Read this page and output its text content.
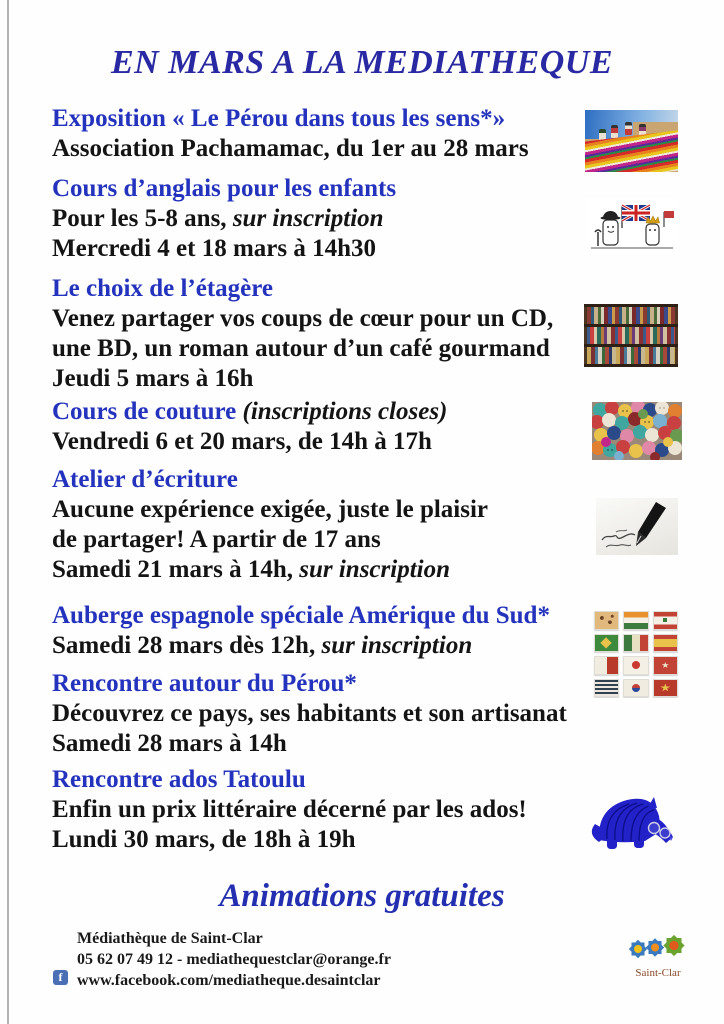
EN MARS A LA MEDIATHEQUE
Exposition « Le Pérou dans tous les sens*»
Association Pachamamac, du 1er au 28 mars
Cours d’anglais pour les enfants
Pour les 5-8 ans, sur inscription
Mercredi 4 et 18 mars à 14h30
Le choix de l’étagère
Venez partager vos coups de cœur pour un CD,
une BD, un roman autour d’un café gourmand
Jeudi 5 mars à 16h
Cours de couture (inscriptions closes)
Vendredi 6 et 20 mars, de 14h à 17h
Atelier d’écriture
Aucune expérience exigée, juste le plaisir
de partager! A partir de 17 ans
Samedi 21 mars à 14h, sur inscription
Auberge espagnole spéciale Amérique du Sud*
Samedi 28 mars dès 12h, sur inscription
Rencontre autour du Pérou*
Découvrez ce pays, ses habitants et son artisanat
Samedi 28 mars à 14h
Rencontre ados Tatoulu
Enfin un prix littéraire décerné par les ados!
Lundi 30 mars, de 18h à 19h
Animations gratuites
Médiathèque de Saint-Clar
05 62 07 49 12 - mediathequestclar@orange.fr
www.facebook.com/mediatheque.desaintclar
f	Saint-Clar
